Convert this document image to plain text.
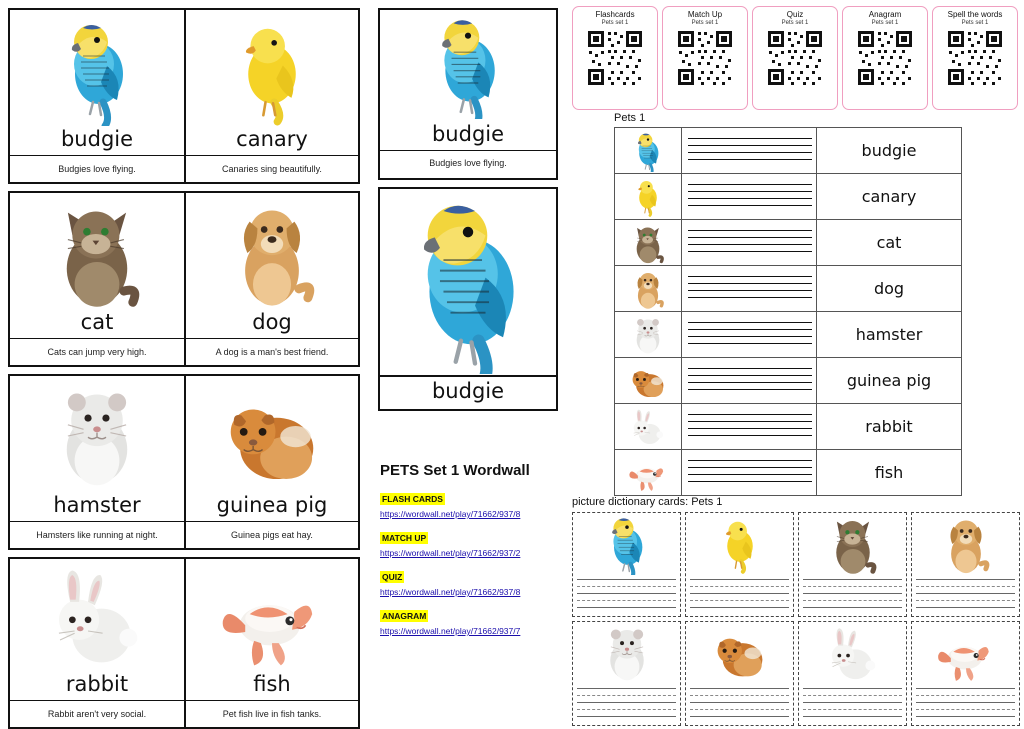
budgie
Budgies love flying.
canary
Canaries sing beautifully.
cat
Cats can jump very high.
dog
A dog is a man's best friend.
hamster
Hamsters like running at night.
guinea pig
Guinea pigs eat hay.
rabbit
Rabbit aren't very social.
fish
Pet fish live in fish tanks.
budgie
Budgies love flying.
budgie
PETS Set 1 Wordwall
FLASH CARDS
https://wordwall.net/play/71662/937/8
MATCH UP
https://wordwall.net/play/71662/937/2
QUIZ
https://wordwall.net/play/71662/937/8
ANAGRAM
https://wordwall.net/play/71662/937/7
Flashcards
Pets set 1
Match Up
Pets set 1
Quiz
Pets set 1
Anagram
Pets set 1
Spell the words
Pets set 1
Pets 1

	budgie

	canary

	cat

	dog

	hamster

	guinea pig

	rabbit

	fish
picture dictionary cards: Pets 1
